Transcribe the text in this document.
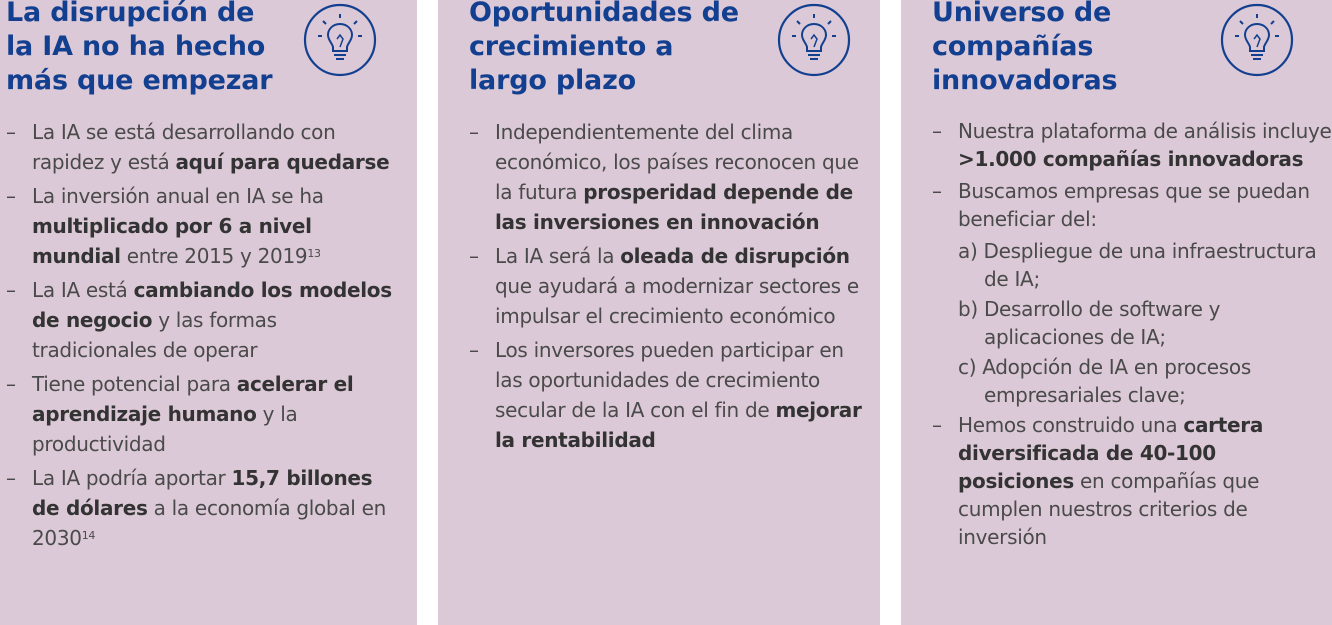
La disrupción de
la IA no ha hecho
más que empezar
– La IA se está desarrollando con rapidez y está aquí para quedarse
– La inversión anual en IA se ha multiplicado por 6 a nivel mundial entre 2015 y 2019$^{13}$
– La IA está cambiando los modelos de negocio y las formas tradicionales de operar
– Tiene potencial para acelerar el aprendizaje humano y la productividad
– La IA podría aportar 15,7 billones de dólares a la economía global en 2030$^{14}$
Oportunidades de
crecimiento a
largo plazo
– Independientemente del clima económico, los países reconocen que la futura prosperidad depende de las inversiones en innovación
– La IA será la oleada de disrupción que ayudará a modernizar sectores e impulsar el crecimiento económico
– Los inversores pueden participar en las oportunidades de crecimiento secular de la IA con el fin de mejorar la rentabilidad
Universo de
compañías
innovadoras
– Nuestra plataforma de análisis incluye >1.000 compañías innovadoras
– Buscamos empresas que se puedan beneficiar del:
a) Despliegue de una infraestructura de IA;
b) Desarrollo de software y aplicaciones de IA;
c) Adopción de IA en procesos empresariales clave;
– Hemos construido una cartera diversificada de 40-100 posiciones en compañías que cumplen nuestros criterios de inversión
